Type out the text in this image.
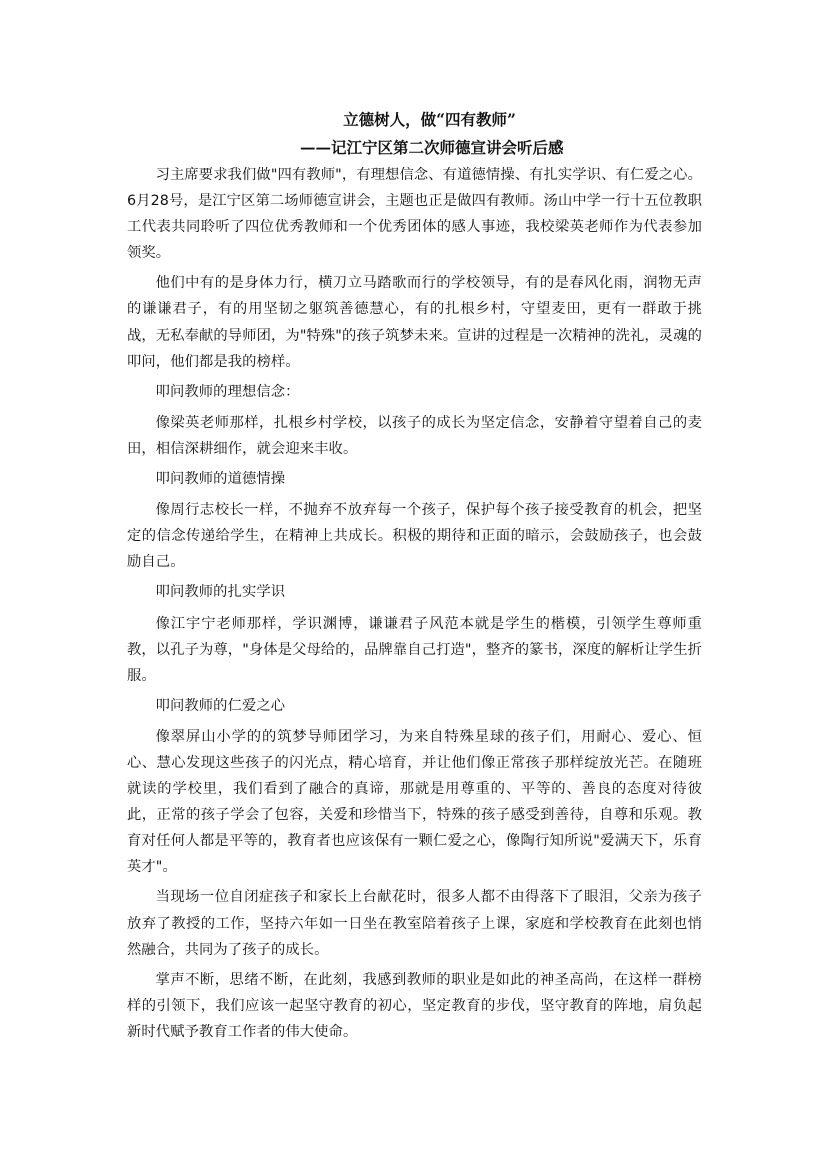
立德树人，做“四有教师”
——记江宁区第二次师德宣讲会听后感

习主席要求我们做"四有教师"，有理想信念、有道德情操、有扎实学识、有仁爱之心。6月28号，是江宁区第二场师德宣讲会，主题也正是做四有教师。汤山中学一行十五位教职工代表共同聆听了四位优秀教师和一个优秀团体的感人事迹，我校梁英老师作为代表参加领奖。

他们中有的是身体力行，横刀立马踏歌而行的学校领导，有的是春风化雨，润物无声的谦谦君子，有的用坚韧之躯筑善德慧心，有的扎根乡村，守望麦田，更有一群敢于挑战，无私奉献的导师团，为"特殊"的孩子筑梦未来。宣讲的过程是一次精神的洗礼，灵魂的叩问，他们都是我的榜样。

叩问教师的理想信念：

像梁英老师那样，扎根乡村学校，以孩子的成长为坚定信念，安静着守望着自己的麦田，相信深耕细作，就会迎来丰收。

叩问教师的道德情操

像周行志校长一样，不抛弃不放弃每一个孩子，保护每个孩子接受教育的机会，把坚定的信念传递给学生，在精神上共成长。积极的期待和正面的暗示，会鼓励孩子，也会鼓励自己。

叩问教师的扎实学识

像江宇宁老师那样，学识渊博，谦谦君子风范本就是学生的楷模，引领学生尊师重教，以孔子为尊，"身体是父母给的，品牌靠自己打造"，整齐的篆书，深度的解析让学生折服。

叩问教师的仁爱之心

像翠屏山小学的的筑梦导师团学习，为来自特殊星球的孩子们，用耐心、爱心、恒心、慧心发现这些孩子的闪光点，精心培育，并让他们像正常孩子那样绽放光芒。在随班就读的学校里，我们看到了融合的真谛，那就是用尊重的、平等的、善良的态度对待彼此，正常的孩子学会了包容，关爱和珍惜当下，特殊的孩子感受到善待，自尊和乐观。教育对任何人都是平等的，教育者也应该保有一颗仁爱之心，像陶行知所说"爱满天下，乐育英才"。

当现场一位自闭症孩子和家长上台献花时，很多人都不由得落下了眼泪，父亲为孩子放弃了教授的工作，坚持六年如一日坐在教室陪着孩子上课，家庭和学校教育在此刻也悄然融合，共同为了孩子的成长。

掌声不断，思绪不断，在此刻，我感到教师的职业是如此的神圣高尚，在这样一群榜样的引领下，我们应该一起坚守教育的初心，坚定教育的步伐，坚守教育的阵地，肩负起新时代赋予教育工作者的伟大使命。
